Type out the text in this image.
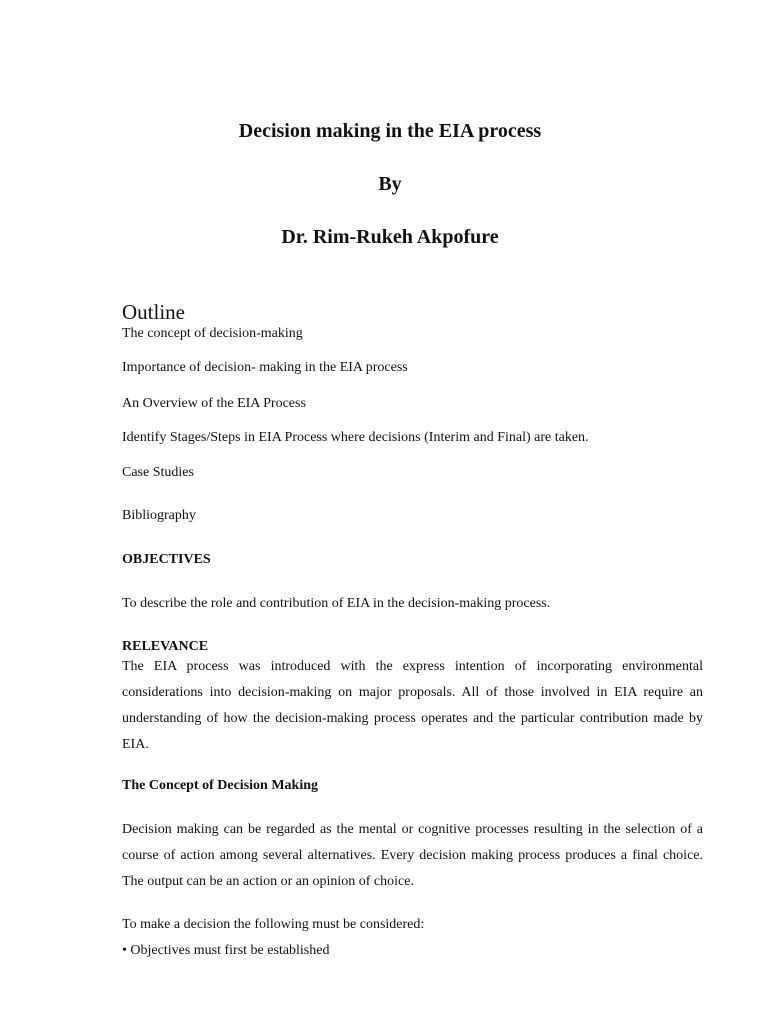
Decision making in the EIA process
By
Dr. Rim-Rukeh Akpofure
Outline
The concept of decision-making
Importance of decision- making in the EIA process
An Overview of the EIA Process
Identify Stages/Steps in EIA Process where decisions (Interim and Final) are taken.
Case Studies
Bibliography
OBJECTIVES
To describe the role and contribution of EIA in the decision-making process.
RELEVANCE

The EIA process was introduced with the express intention of incorporating environmental considerations into decision-making on major proposals. All of those involved in EIA require an understanding of how the decision-making process operates and the particular contribution made by EIA.

The Concept of Decision Making

Decision making can be regarded as the mental or cognitive processes resulting in the selection of a course of action among several alternatives. Every decision making process produces a final choice. The output can be an action or an opinion of choice.

To make a decision the following must be considered:
• Objectives must first be established
